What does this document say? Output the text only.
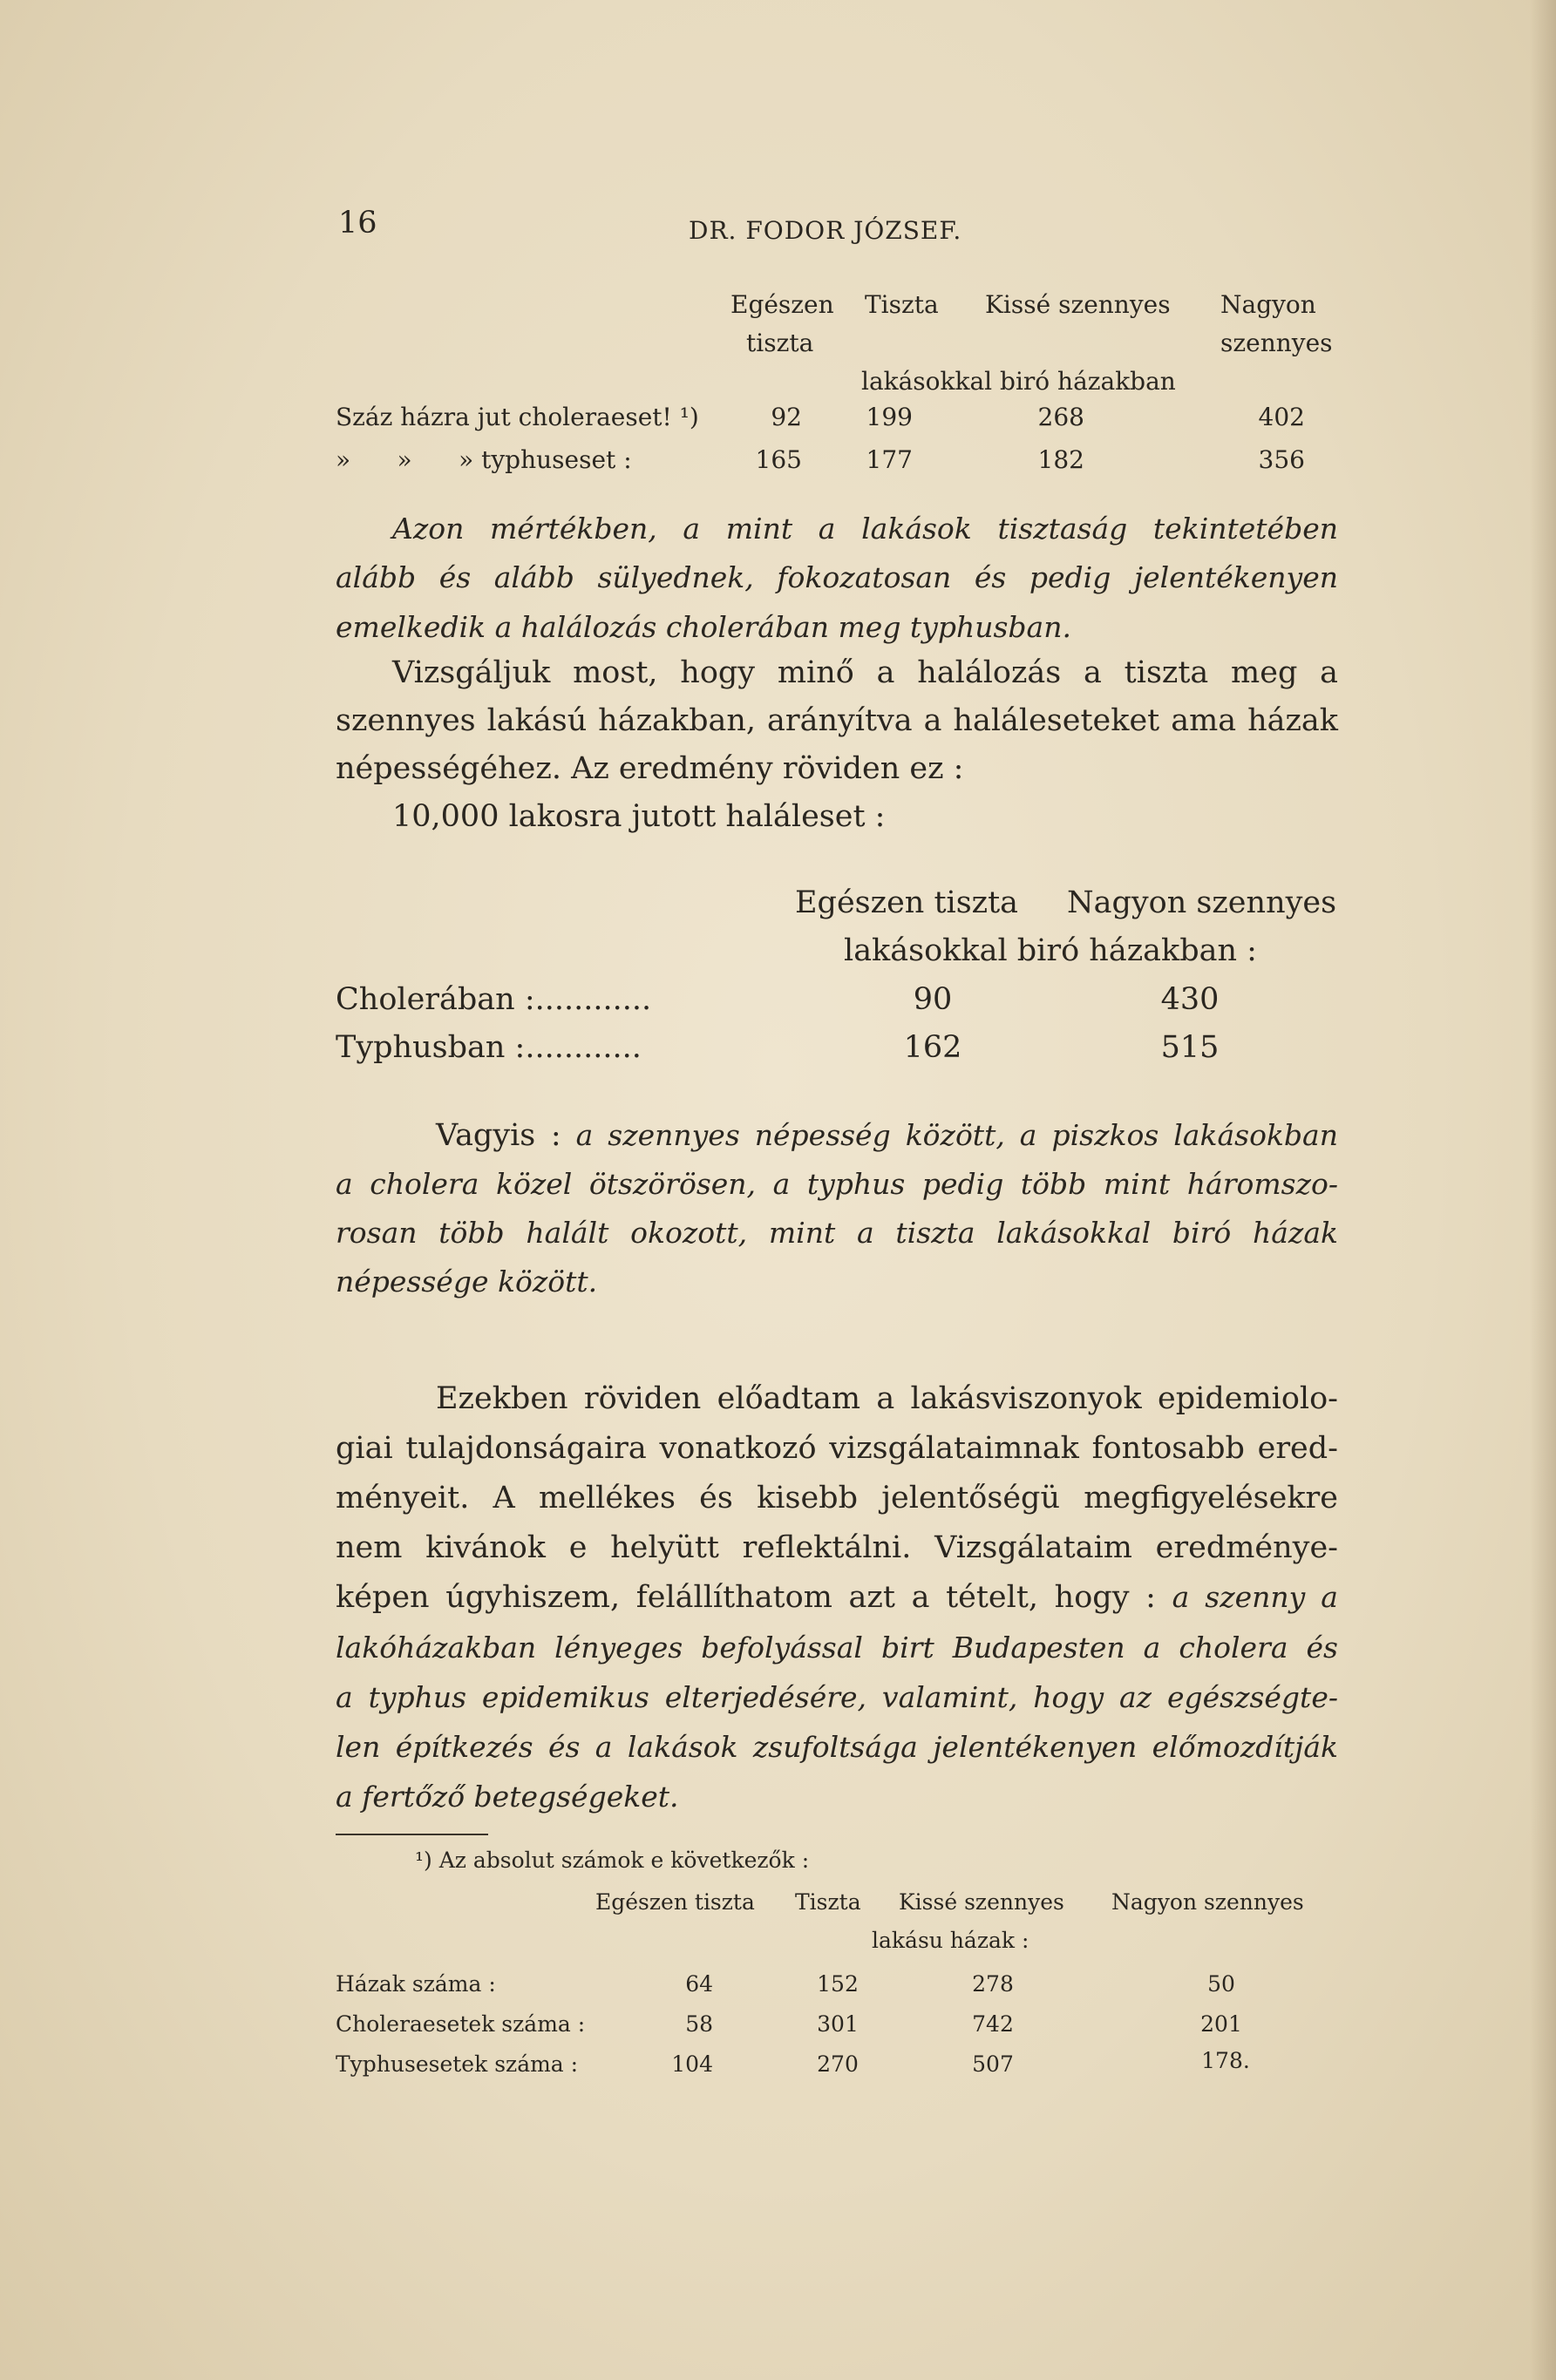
16	DR. FODOR JÓZSEF.
Egészen Tiszta Kissé szennyes Nagyon
tiszta	szennyes
lakásokkal biró házakban
Száz házra jut choleraeset! ¹)	92	199	268	402
»      »      » typhuseset :	165	177	182	356
Azon mértékben, a mint a lakások tisztaság tekintetében
alább és alább sülyednek, fokozatosan és pedig jelentékenyen
emelkedik a halálozás cholerában meg typhusban.
Vizsgáljuk most, hogy minő a halálozás a tiszta meg a
szennyes lakású házakban, arányítva a haláleseteket ama házak
népességéhez. Az eredmény röviden ez :
10,000 lakosra jutott haláleset :
Egészen tiszta Nagyon szennyes
lakásokkal biró házakban :
Cholerában :............	90	430
Typhusban :............	162	515
Vagyis : a szennyes népesség között, a piszkos lakásokban
a cholera közel ötszörösen, a typhus pedig több mint háromszo-
rosan több halált okozott, mint a tiszta lakásokkal biró házak
népessége között.
Ezekben röviden előadtam a lakásviszonyok epidemiolo-
giai tulajdonságaira vonatkozó vizsgálataimnak fontosabb ered-
ményeit. A mellékes és kisebb jelentőségü megfigyelésekre
nem kivánok e helyütt reflektálni. Vizsgálataim eredménye-
képen úgyhiszem, felállíthatom azt a tételt, hogy : a szenny a
lakóházakban lényeges befolyással birt Budapesten a cholera és
a typhus epidemikus elterjedésére, valamint, hogy az egészségte-
len építkezés és a lakások zsufoltsága jelentékenyen előmozdítják
a fertőző betegségeket.
¹) Az absolut számok e következők :
Egészen tiszta Tiszta Kissé szennyes Nagyon szennyes
lakásu házak :
Házak száma :	64	152	278	50
Choleraesetek száma :	58	301	742	201
Typhusesetek száma :	104	270	507	178.
